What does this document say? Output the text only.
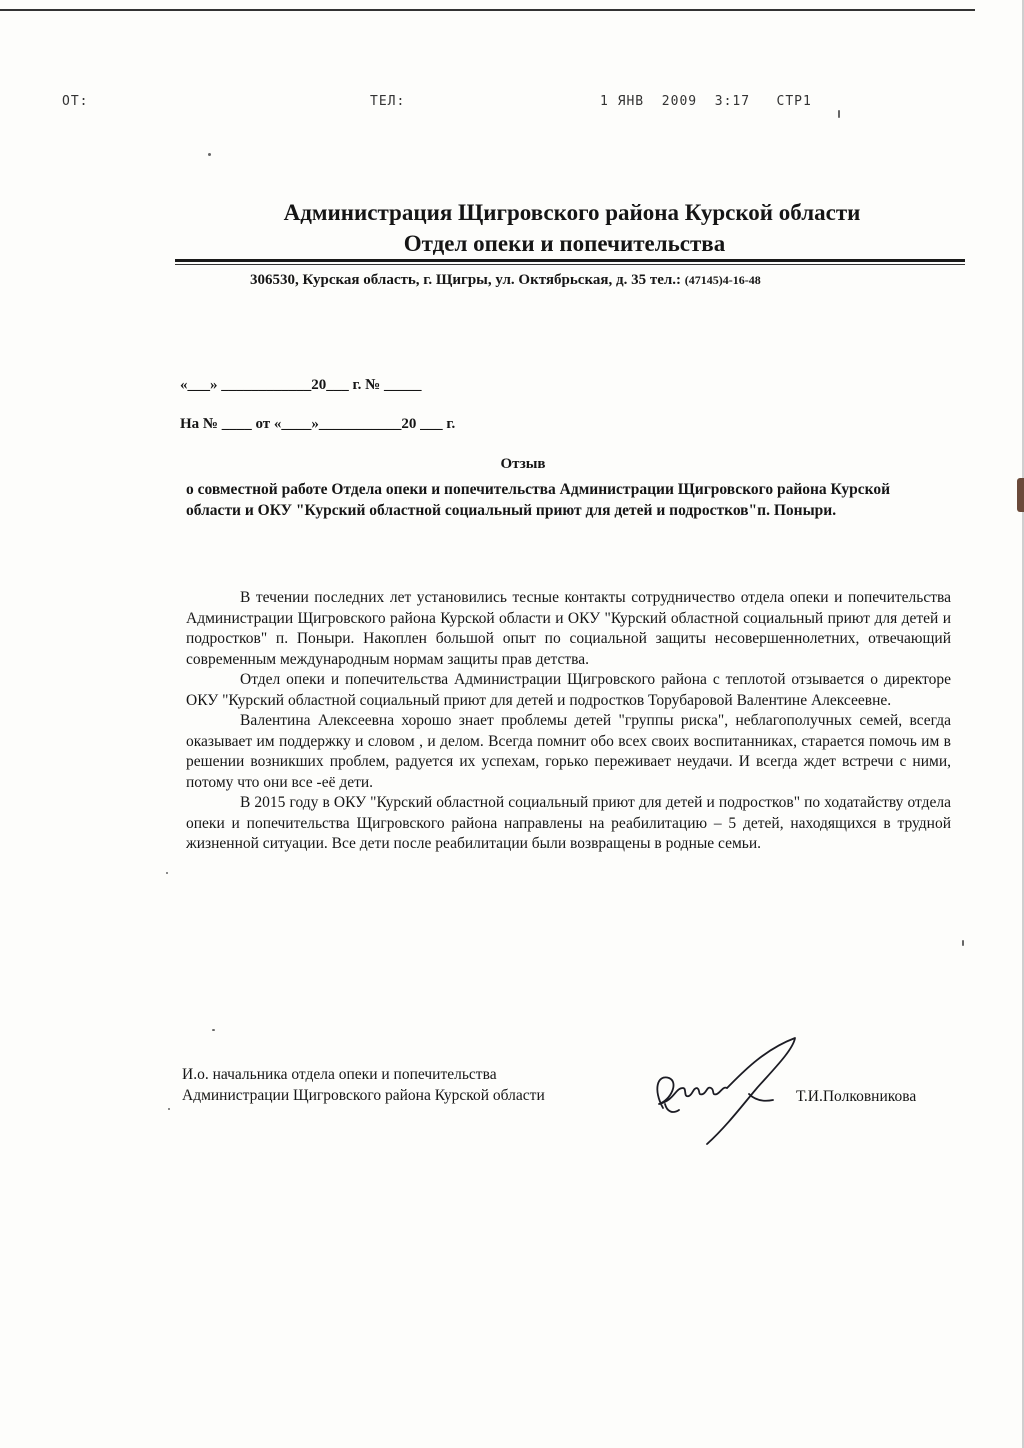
ОТ:	ТЕЛ:	1 ЯНВ  2009  3:17   СТР1
Администрация Щигровского района Курской области
Отдел опеки и попечительства
306530, Курская область, г. Щигры, ул. Октябрьская, д. 35 тел.: (47145)4-16-48
«___» ____________20___ г. № _____
На № ____ от «____»___________20 ___ г.
Отзыв
о совместной работе Отдела опеки и попечительства Администрации Щигровского района Курской области и ОКУ "Курский областной социальный приют для детей и подростков"п. Поныри.

В течении последних лет установились тесные контакты сотрудничество отдела опеки и попечительства Администрации Щигровского района Курской области и ОКУ "Курский областной социальный приют для детей и подростков" п. Поныри. Накоплен большой опыт по социальной защиты несовершеннолетних, отвечающий современным международным нормам защиты прав детства.

Отдел опеки и попечительства Администрации Щигровского района с теплотой отзывается о директоре ОКУ "Курский областной социальный приют для детей и подростков Торубаровой Валентине Алексеевне.

Валентина Алексеевна хорошо знает проблемы детей "группы риска", неблагополучных семей, всегда оказывает им поддержку и словом , и делом. Всегда помнит обо всех своих воспитанниках, старается помочь им в решении возникших проблем, радуется их успехам, горько переживает неудачи. И всегда ждет встречи с ними, потому что они все -её дети.

В 2015 году в ОКУ "Курский областной социальный приют для детей и подростков" по ходатайству отдела опеки и попечительства Щигровского района направлены на реабилитацию – 5 детей, находящихся в трудной жизненной ситуации. Все дети после реабилитации были возвращены в родные семьи.

И.о. начальника отдела опеки и попечительства
Администрации Щигровского района Курской области	Т.И.Полковникова
